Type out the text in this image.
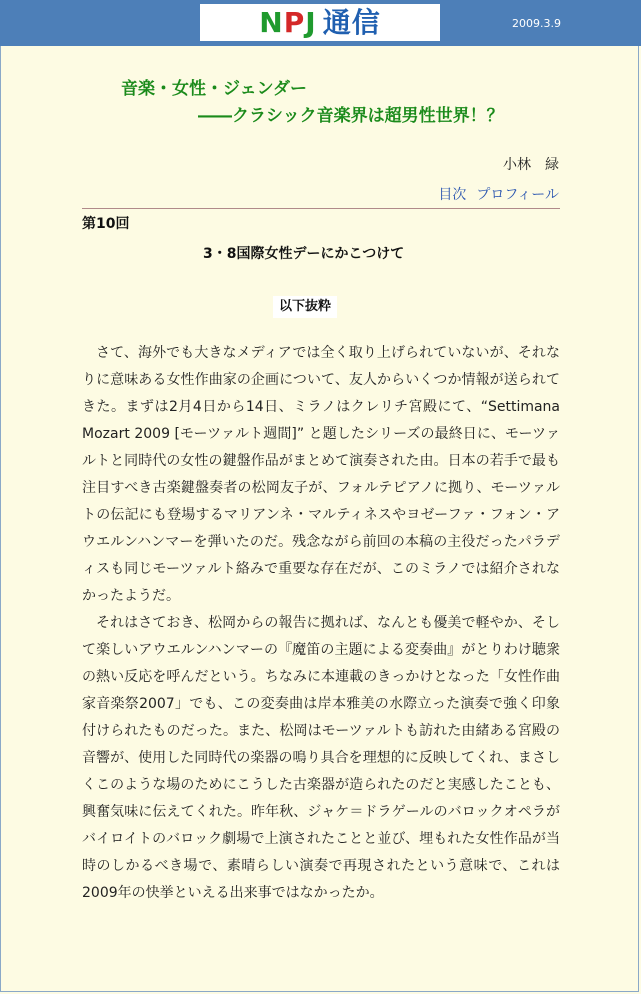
NPJ 通信	2009.3.9
音楽・女性・ジェンダー
――クラシック音楽界は超男性世界！？
小林　緑
目次 プロフィール
第10回
3・8国際女性デーにかこつけて
以下抜粋

さて、海外でも大きなメディアでは全く取り上げられていないが、それなりに意味ある女性作曲家の企画について、友人からいくつか情報が送られてきた。まずは2月4日から14日、ミラノはクレリチ宮殿にて、“Settimana Mozart 2009 [モーツァルト週間]” と題したシリーズの最終日に、モーツァルトと同時代の女性の鍵盤作品がまとめて演奏された由。日本の若手で最も注目すべき古楽鍵盤奏者の松岡友子が、フォルテピアノに拠り、モーツァルトの伝記にも登場するマリアンネ・マルティネスやヨゼーファ・フォン・アウエルンハンマーを弾いたのだ。残念ながら前回の本稿の主役だったパラディスも同じモーツァルト絡みで重要な存在だが、このミラノでは紹介されなかったようだ。

それはさておき、松岡からの報告に拠れば、なんとも優美で軽やか、そして楽しいアウエルンハンマーの『魔笛の主題による変奏曲』がとりわけ聴衆の熱い反応を呼んだという。ちなみに本連載のきっかけとなった「女性作曲家音楽祭2007」でも、この変奏曲は岸本雅美の水際立った演奏で強く印象付けられたものだった。また、松岡はモーツァルトも訪れた由緒ある宮殿の音響が、使用した同時代の楽器の鳴り具合を理想的に反映してくれ、まさしくこのような場のためにこうした古楽器が造られたのだと実感したことも、興奮気味に伝えてくれた。昨年秋、ジャケ＝ドラゲールのバロックオペラがバイロイトのバロック劇場で上演されたことと並び、埋もれた女性作品が当時のしかるべき場で、素晴らしい演奏で再現されたという意味で、これは2009年の快挙といえる出来事ではなかったか。
